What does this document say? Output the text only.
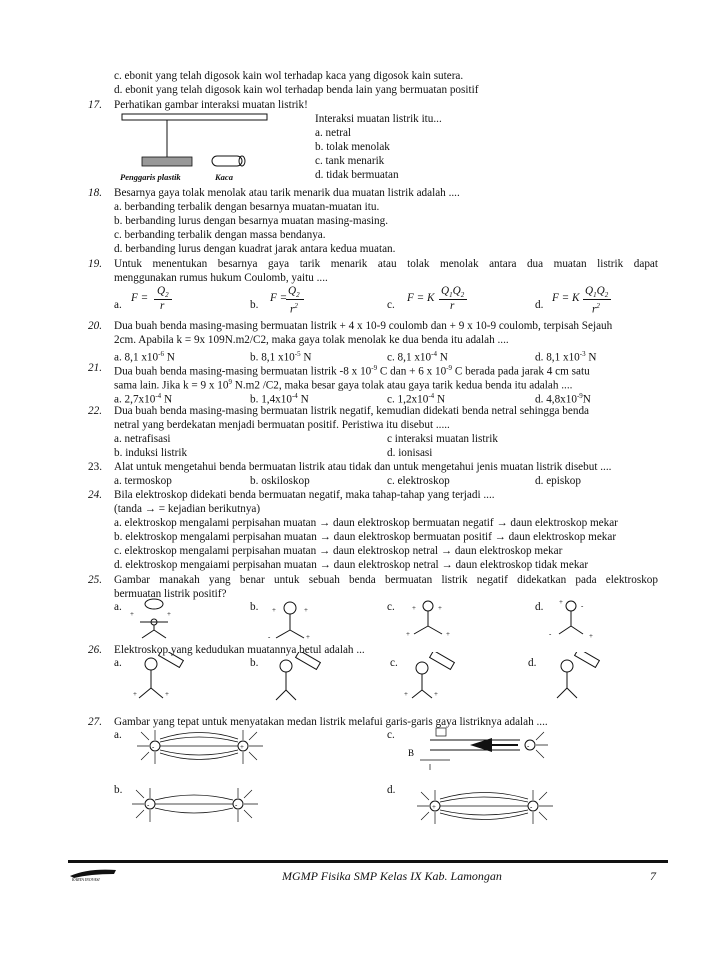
c. ebonit yang telah digosok kain wol terhadap kaca yang digosok kain sutera.
d. ebonit yang telah digosok kain wol terhadap benda lain yang bermuatan positif
17. Perhatikan gambar interaksi muatan listrik!
Penggaris plastik	Kaca
Interaksi muatan listrik itu...
a. netral
b. tolak menolak
c. tank menarik
d. tidak bermuatan
18. Besarnya gaya tolak menolak atau tarik menarik dua muatan listrik adalah ....
a. berbanding terbalik dengan besarnya muatan-muatan itu.
b. berbanding lurus dengan besarnya muatan masing-masing.
c. berbanding terbalik dengan massa bendanya.
d. berbanding lurus dengan kuadrat jarak antara kedua muatan.
19. Untuk menentukan besarnya gaya tarik menarik atau tolak menolak antara dua muatan listrik dapat
menggunakan rumus hukum Coulomb, yaitu ....
a.
F =
$Q_2$
r	b.
F =
$Q_2$
$r^2$	c.
F = K
$Q_1Q_2$
r	d.
F = K
$Q_1Q_2$
$r^2$
20. Dua buah benda masing-masing bermuatan listrik + 4 x 10-9 coulomb dan + 9 x 10-9 coulomb, terpisah Sejauh
2cm. Apabila k = 9x 109N.m2/C2, maka gaya tolak menolak ke dua benda itu adalah ....
a. 8,1 $x10^{-6}$ N	b. 8,1 $x10^{-5}$ N	c. 8,1 $x10^{-4}$ N	d. 8,1 $x10^{-3}$ N
21. Dua buah benda masing-masing bermuatan listrik -8 x $10^{-9}$ C dan + 6 x $10^{-9}$ C berada pada jarak 4 cm satu
sama lain. Jika k = 9 x $10^9$ N.m2 /C2, maka besar gaya tolak atau gaya tarik kedua benda itu adalah ....
a. $2,7x10^{-4}$ N	b. $1,4x10^{-4}$ N	c. $1,2x10^{-4}$ N	d. $4,8x10^{-9}N$
22. Dua buah benda masing-masing bermuatan listrik negatif, kemudian didekati benda netral sehingga benda
netral yang berdekatan menjadi bermuatan positif. Peristiwa itu disebut .....
a. netrafisasi	c interaksi muatan listrik
b. induksi listrik	d. ionisasi
23. Alat untuk mengetahui benda bermuatan listrik atau tidak dan untuk mengetahui jenis muatan listrik disebut ....
a. termoskop	b. oskiloskop	c. elektroskop	d. episkop
24. Bila elektroskop didekati benda bermuatan negatif, maka tahap-tahap yang terjadi ....
(tanda → = kejadian berikutnya)
a. elektroskop mengalami perpisahan muatan → daun elektroskop bermuatan negatif → daun elektroskop mekar
b. elektroskop mengalami perpisahan muatan → daun elektroskop bermuatan positif → daun elektroskop mekar
c. elektroskop mengalami perpisahan muatan → daun elektroskop netral → daun elektroskop mekar
d. elektroskop mengaiami perpisahan muatan → daun elektroskop netral → daun elektroskop tidak mekar
25. Gambar manakah yang benar untuk sebuah benda bermuatan listrik negatif didekatkan pada elektroskop
bermuatan listrik positif?
a.	b.	c.	d.
+	+	+	+
-	+
+	+
+	+
+	-
-	+
26. Elektroskop yang kedudukan muatannya betul adalah ...
a.	b.	c.	d.
+	+	+	+
27. Gambar yang tepat untuk menyatakan medan listrik melafui garis-garis gaya listriknya adalah ....
a.	c.
b.	d.
-	+
B
-
-	-	+	-
KARYA INOVASI	MGMP Fisika SMP Kelas IX Kab. Lamongan	7
